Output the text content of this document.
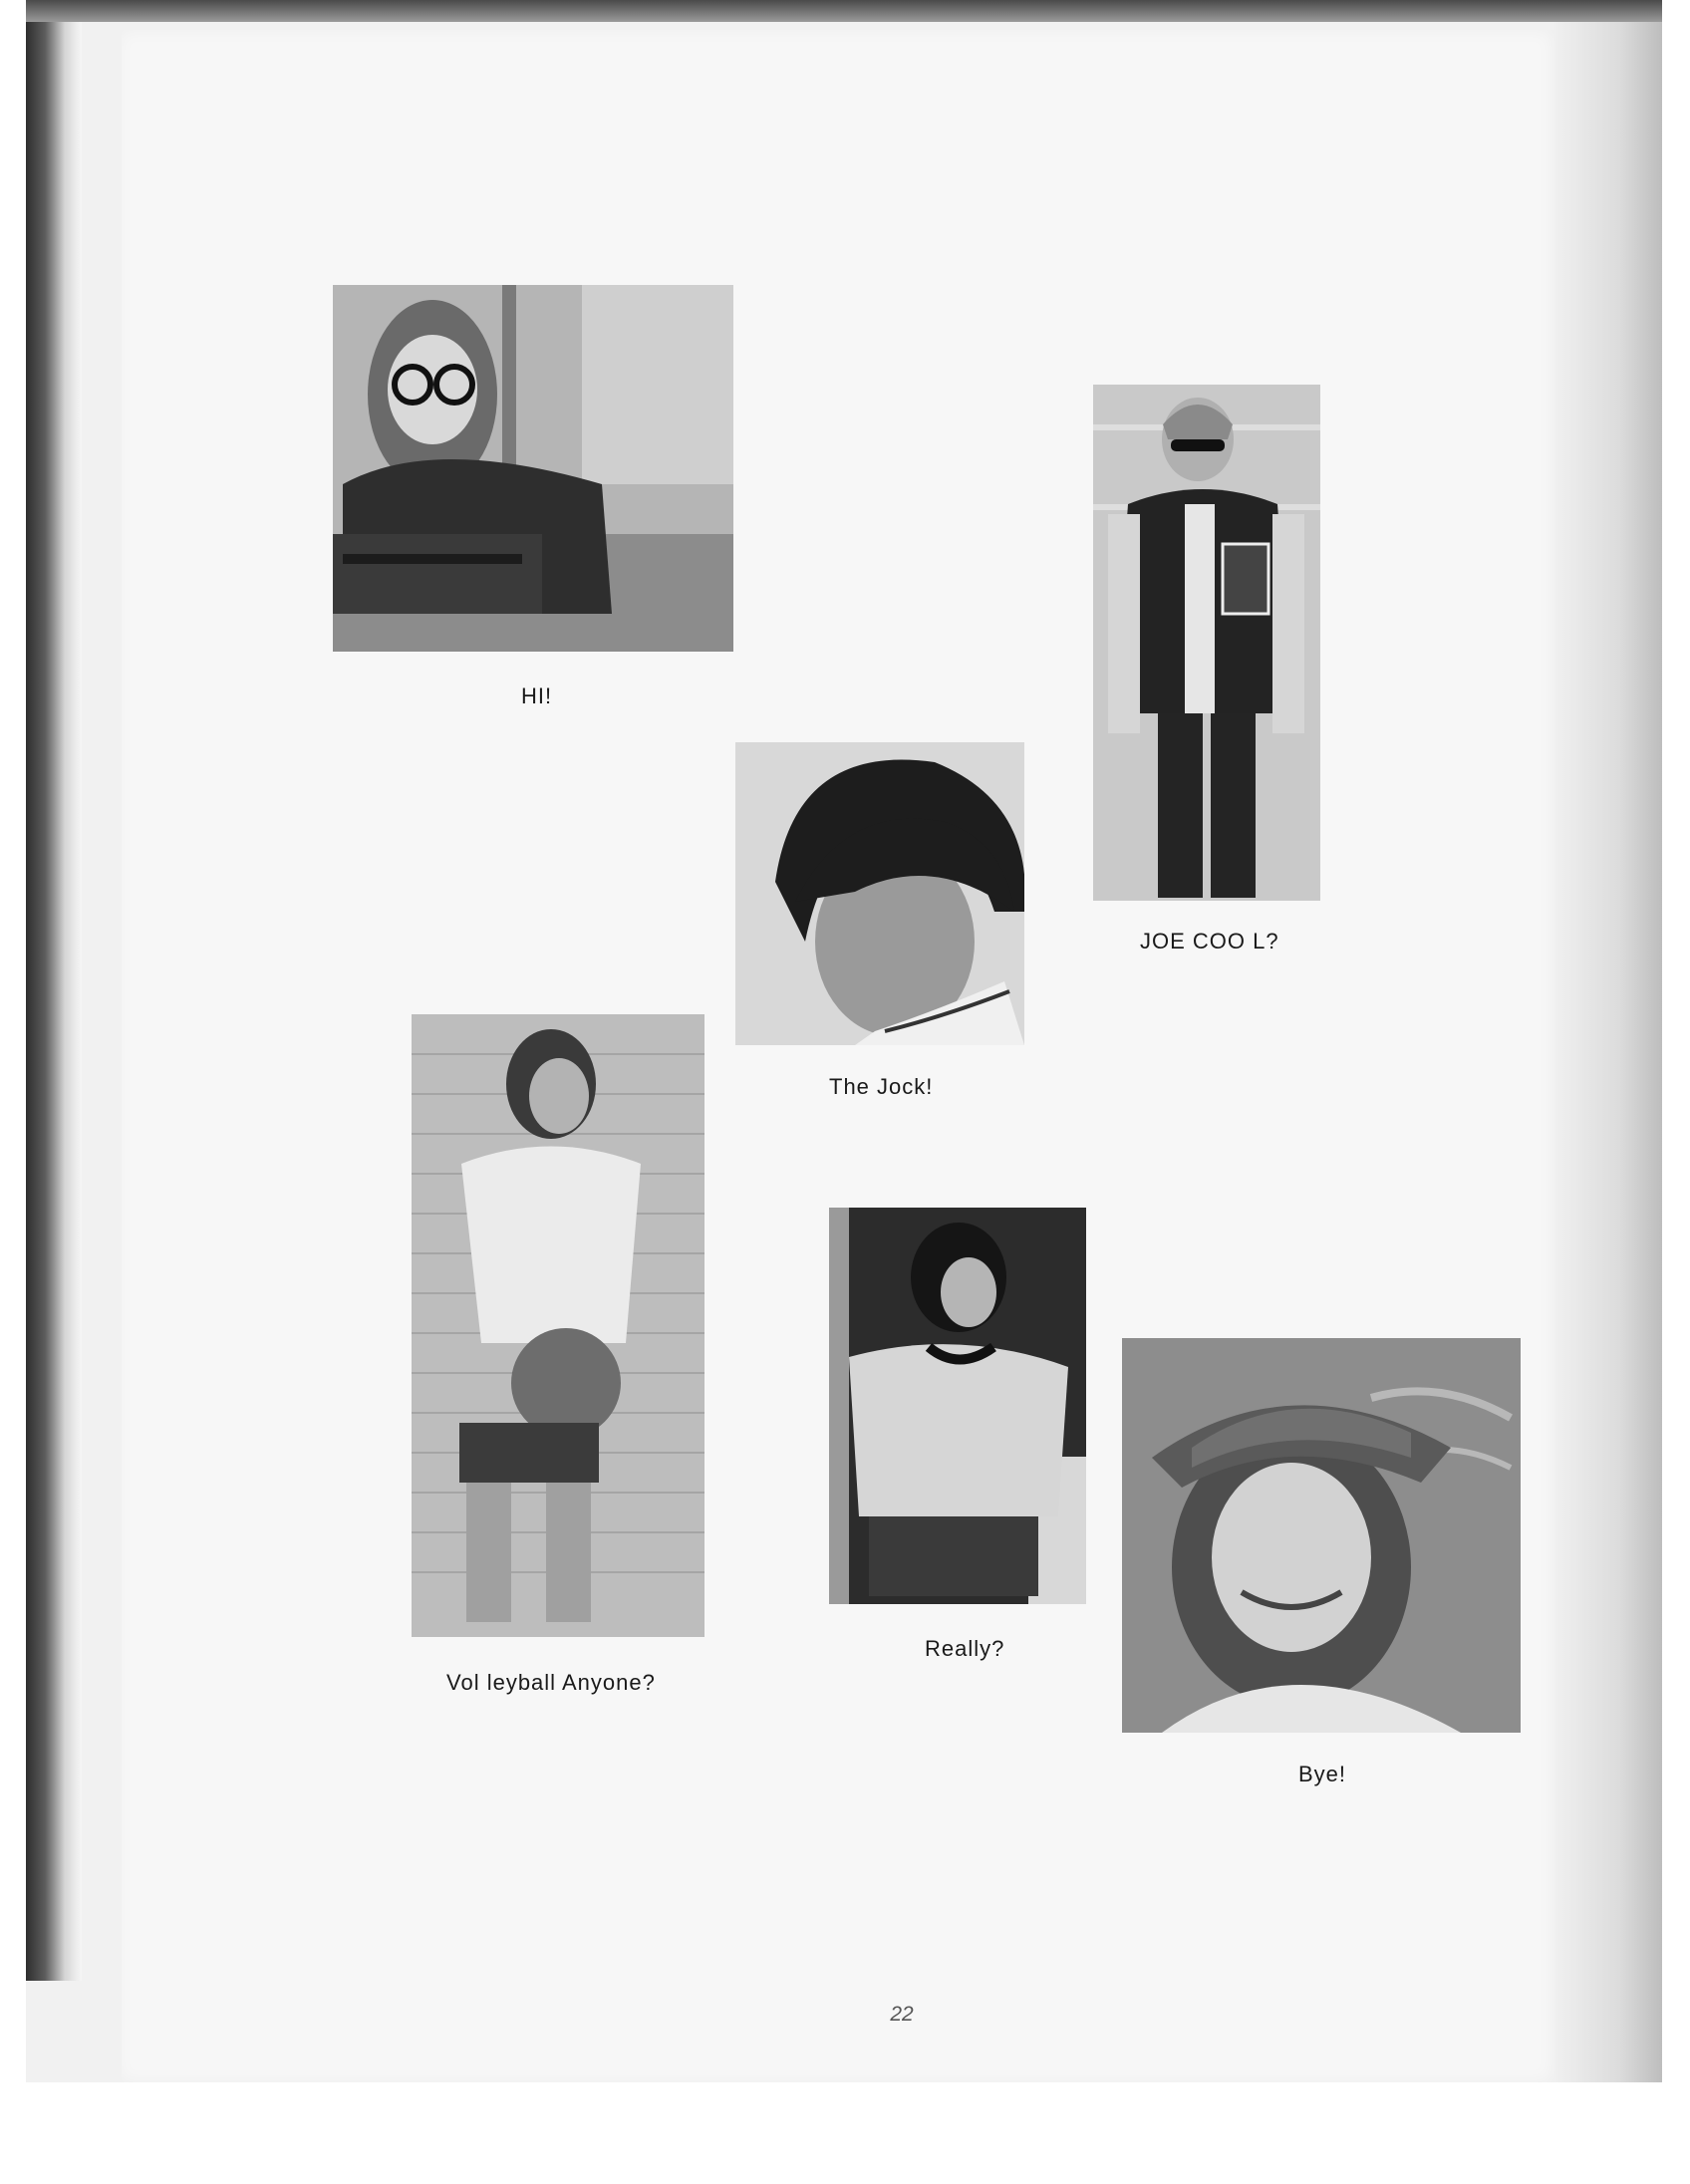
HI!
JOE COO L?
The Jock!
Vol leyball Anyone?
Really?
Bye!
22
